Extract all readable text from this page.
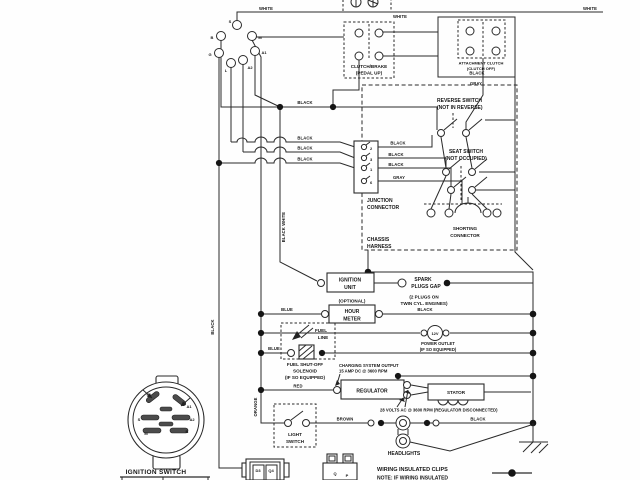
WHITE
WHITE
WHITE
BLACK
BLACK
BLACK
BLACK
BLACK
BLACK
BLACK
GRAY
BLACK
GRAY
BLUE
BLUE
BLACK
RED
BROWN	BLACK
BLACK
BLACK WHITE
ORANGE
S
B	M
G	A1
L
A2	CLUTCH/BRAKE
(PEDAL UP)
ATTACHMENT CLUTCH
(CLUTCH OFF)
CHASSIS
HARNESS
REVERSE SWITCH
(NOT IN REVERSE)
SEAT SWITCH
(NOT OCCUPIED)
SHORTING
CONNECTOR
2
3
1
6
JUNCTION
CONNECTOR
IGNITION
UNIT
SPARK
PLUGS GAP
(2 PLUGS ON
TWIN CYL. ENGINES)
(OPTIONAL)
HOUR
METER
FUEL
LINE
FUEL SHUT-OFF
SOLENOID
(IF SO EQUIPPED)
12V
POWER OUTLET
(IF SO EQUIPPED)
CHARGING SYSTEM OUTPUT
15 AMP DC @ 3600 RPM
REGULATOR	STATOR
28 VOLTS AC @ 3600 RPM (REGULATOR DISCONNECTED)
LIGHT
SWITCH
HEADLIGHTS
G
A1
S	A2
M	B
IGNITION SWITCH	D3 Q4
Q P
WIRING INSULATED CLIPS
NOTE: IF WIRING INSULATED
